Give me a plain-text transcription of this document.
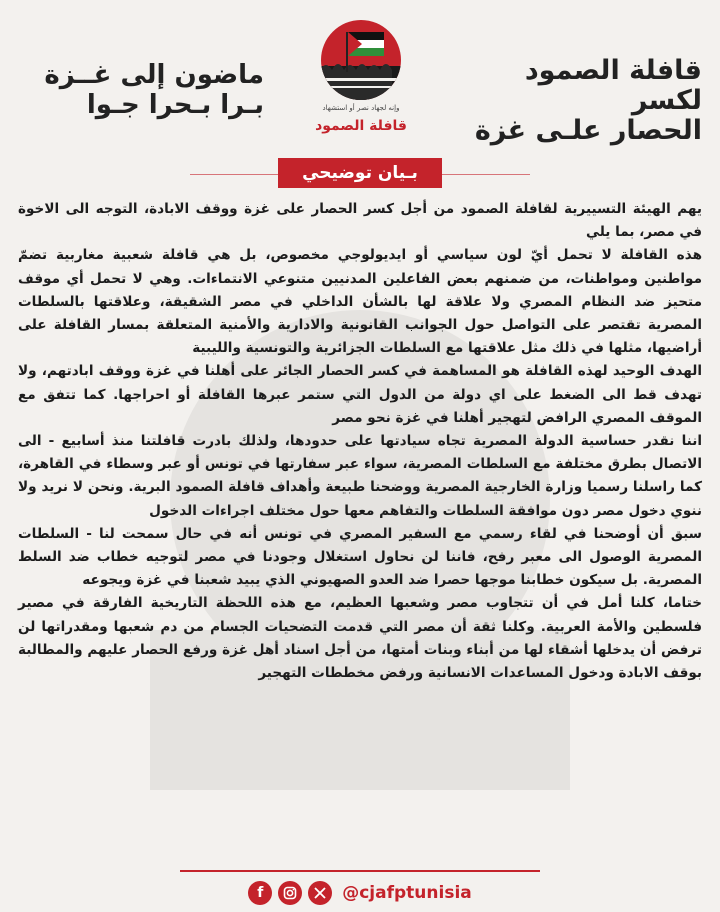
قافلة الصمود لكسر
الحصار علـى غزة
وإنه لجهاد نصر أو استشهاد
قافلة الصمود
ماضون إلى غــزة
بـرا بـحرا جـوا
بـيان توضيحي

يهم الهيئة التسييرية لقافلة الصمود من أجل كسر الحصار على غزة ووقف الابادة، التوجه الى الاخوة في مصر، بما يلي

هذه القافلة لا تحمل أيّ لون سياسي أو ايديولوجي مخصوص، بل هي قافلة شعبية مغاربية تضمّ مواطنين ومواطنات، من ضمنهم بعض الفاعلين المدنيين متنوعي الانتماءات. وهي لا تحمل أي موقف متحيز ضد النظام المصري ولا علاقة لها بالشأن الداخلي في مصر الشقيقة، وعلاقتها بالسلطات المصرية تقتصر على التواصل حول الجوانب القانونية والادارية والأمنية المتعلقة بمسار القافلة على أراضيها، مثلها في ذلك مثل علاقتها مع السلطات الجزائرية والتونسية والليبية

الهدف الوحيد لهذه القافلة هو المساهمة في كسر الحصار الجائر على أهلنا في غزة ووقف ابادتهم، ولا تهدف قط الى الضغط على اي دولة من الدول التي ستمر عبرها القافلة أو احراجها. كما تتفق مع الموقف المصري الرافض لتهجير أهلنا في غزة نحو مصر

اننا نقدر حساسية الدولة المصرية تجاه سيادتها على حدودها، ولذلك بادرت قافلتنا منذ أسابيع - الى الاتصال بطرق مختلفة مع السلطات المصرية، سواء عبر سفارتها في تونس أو عبر وسطاء في القاهرة، كما راسلنا رسميا وزارة الخارجية المصرية ووضحنا طبيعة وأهداف قافلة الصمود البرية. ونحن لا نريد ولا ننوي دخول مصر دون موافقة السلطات والتفاهم معها حول مختلف اجراءات الدخول

سبق أن أوضحنا في لقاء رسمي مع السفير المصري في تونس أنه في حال سمحت لنا - السلطات المصرية الوصول الى معبر رفح، فاننا لن نحاول استغلال وجودنا في مصر لتوجيه خطاب ضد السلط المصرية. بل سيكون خطابنا موجها حصرا ضد العدو الصهيوني الذي يبيد شعبنا في غزة ويجوعه

ختاما، كلنا أمل في أن تتجاوب مصر وشعبها العظيم، مع هذه اللحظة التاريخية الفارقة في مصير فلسطين والأمة العربية. وكلنا ثقة أن مصر التي قدمت التضحيات الجسام من دم شعبها ومقدراتها لن ترفض أن يدخلها أشقاء لها من أبناء وبنات أمتها، من أجل اسناد أهل غزة ورفع الحصار عليهم والمطالبة بوقف الابادة ودخول المساعدات الانسانية ورفض مخططات التهجير

f	@cjafptunisia
